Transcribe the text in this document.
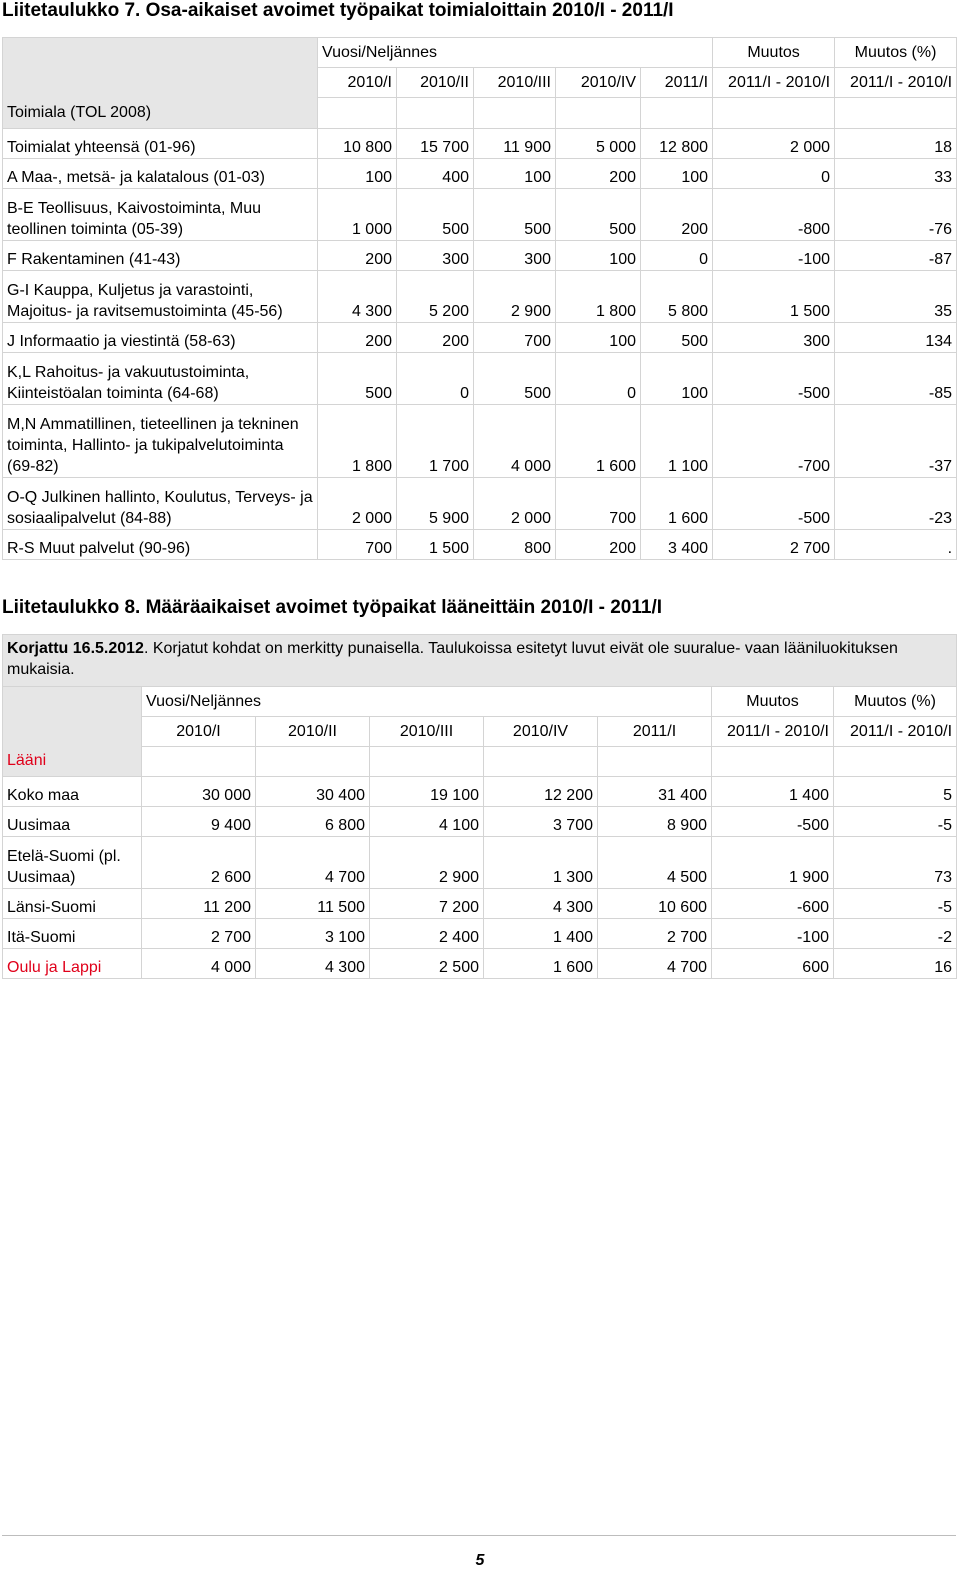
Liitetaulukko 7. Osa-aikaiset avoimet työpaikat toimialoittain 2010/I - 2011/I
Toimiala (TOL 2008)	Vuosi/Neljännes					Muutos	Muutos (%)
	2010/I	2010/II	2010/III	2010/IV	2011/I	2011/I - 2010/I	2011/I - 2010/I

Toimialat yhteensä (01-96)	10 800	15 700	11 900	5 000	12 800	2 000	18
A Maa-, metsä- ja kalatalous (01-03)	100	400	100	200	100	0	33
B-E Teollisuus, Kaivostoiminta, Muu teollinen toiminta (05-39)	1 000	500	500	500	200	-800	-76
F Rakentaminen (41-43)	200	300	300	100	0	-100	-87
G-I Kauppa, Kuljetus ja varastointi, Majoitus- ja ravitsemustoiminta (45-56)	4 300	5 200	2 900	1 800	5 800	1 500	35
J Informaatio ja viestintä (58-63)	200	200	700	100	500	300	134
K,L Rahoitus- ja vakuutustoiminta, Kiinteistöalan toiminta (64-68)	500	0	500	0	100	-500	-85
M,N Ammatillinen, tieteellinen ja tekninen toiminta, Hallinto- ja tukipalvelutoiminta (69-82)	1 800	1 700	4 000	1 600	1 100	-700	-37
O-Q Julkinen hallinto, Koulutus, Terveys- ja sosiaalipalvelut (84-88)	2 000	5 900	2 000	700	1 600	-500	-23
R-S Muut palvelut (90-96)	700	1 500	800	200	3 400	2 700	.
Liitetaulukko 8. Määräaikaiset avoimet työpaikat lääneittäin 2010/I - 2011/I
Korjattu 16.5.2012. Korjatut kohdat on merkitty punaisella. Taulukoissa esitetyt luvut eivät ole suuralue- vaan lääniluokituksen mukaisia.							
Lääni	Vuosi/Neljännes					Muutos	Muutos (%)
	2010/I	2010/II	2010/III	2010/IV	2011/I	2011/I - 2010/I	2011/I - 2010/I

Koko maa	30 000	30 400	19 100	12 200	31 400	1 400	5
Uusimaa	9 400	6 800	4 100	3 700	8 900	-500	-5
Etelä-Suomi (pl. Uusimaa)	2 600	4 700	2 900	1 300	4 500	1 900	73
Länsi-Suomi	11 200	11 500	7 200	4 300	10 600	-600	-5
Itä-Suomi	2 700	3 100	2 400	1 400	2 700	-100	-2
Oulu ja Lappi	4 000	4 300	2 500	1 600	4 700	600	16
5
